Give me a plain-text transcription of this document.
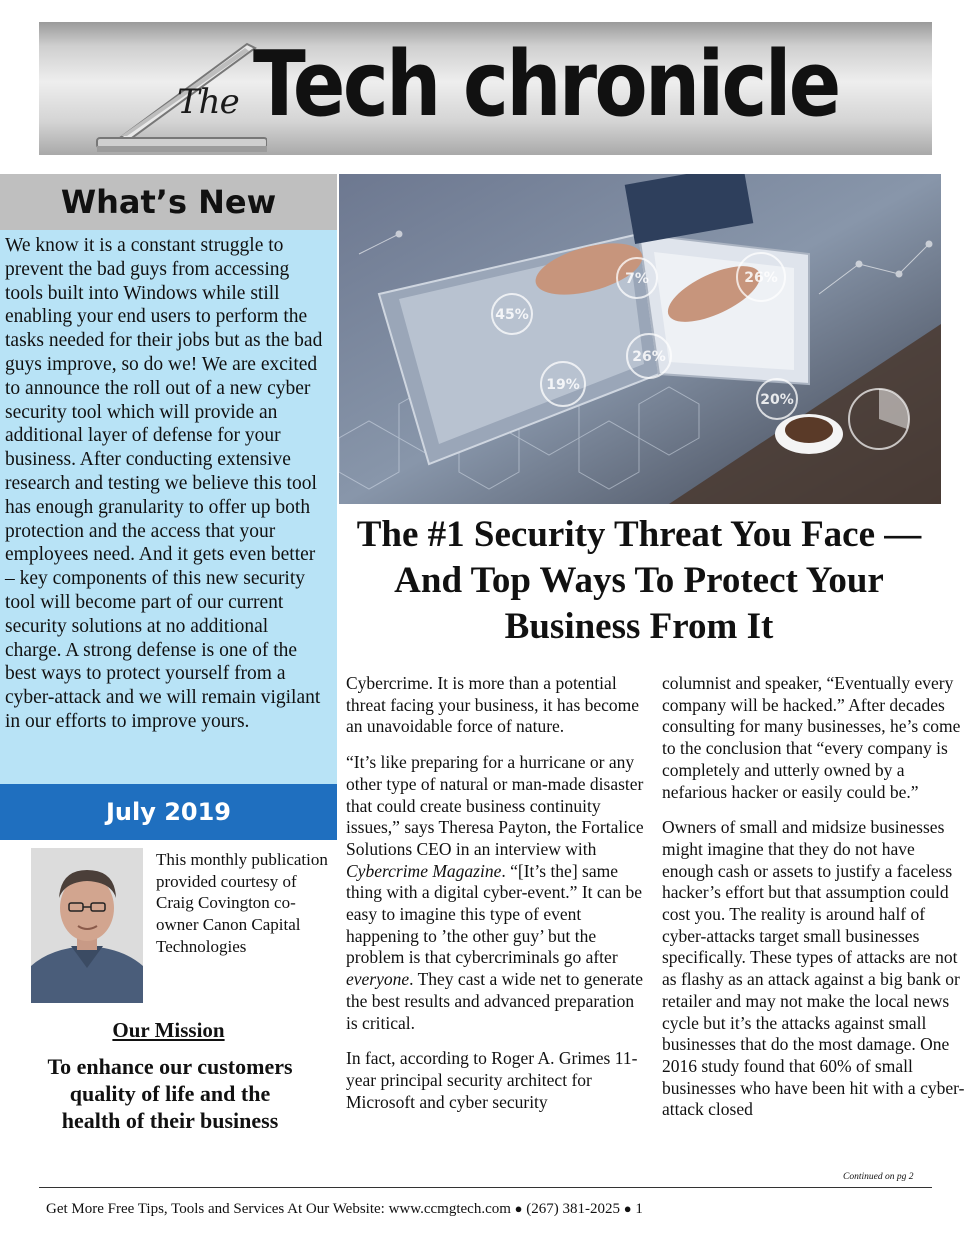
The Tech chronicle
What’s New
We know it is a constant struggle to prevent the bad guys from accessing tools built into Windows while still enabling your end users to perform the tasks needed for their jobs but as the bad guys improve, so do we! We are excited to announce the roll out of a new cyber security tool which will provide an additional layer of defense for your business. After conducting extensive research and testing we believe this tool has enough granularity to offer up both protection and the access that your employees need. And it gets even better – key components of this new security tool will become part of our current security solutions at no additional charge. A strong defense is one of the best ways to protect yourself from a cyber-attack and we will remain vigilant in our efforts to improve yours.
July 2019
This monthly publication provided courtesy of Craig Covington co-owner Canon Capital Technologies
Our Mission
To enhance our customers quality of life and the health of their business
7%	26%
45%
26%
19%
20%
The #1 Security Threat You Face — And Top Ways To Protect Your Business From It

Cybercrime. It is more than a potential threat facing your business, it has become an unavoidable force of nature.

“It’s like preparing for a hurricane or any other type of natural or man-made disaster that could create business continuity issues,” says Theresa Payton, the Fortalice Solutions CEO in an interview with Cybercrime Magazine. “[It’s the] same thing with a digital cyber-event.” It can be easy to imagine this type of event happening to ’the other guy’ but the problem is that cybercriminals go after everyone. They cast a wide net to generate the best results and advanced preparation is critical.

In fact, according to Roger A. Grimes 11-year principal security architect for Microsoft and cyber security

columnist and speaker, “Eventually every company will be hacked.” After decades consulting for many businesses, he’s come to the conclusion that “every company is completely and utterly owned by a nefarious hacker or easily could be.”

Owners of small and midsize businesses might imagine that they do not have enough cash or assets to justify a faceless hacker’s effort but that assumption could cost you. The reality is around half of cyber-attacks target small businesses specifically. These types of attacks are not as flashy as an attack against a big bank or retailer and may not make the local news cycle but it’s the attacks against small businesses that do the most damage. One 2016 study found that 60% of small businesses who have been hit with a cyber-attack closed

Continued on pg 2
Get More Free Tips, Tools and Services At Our Website: www.ccmgtech.com ● (267) 381-2025 ● 1
